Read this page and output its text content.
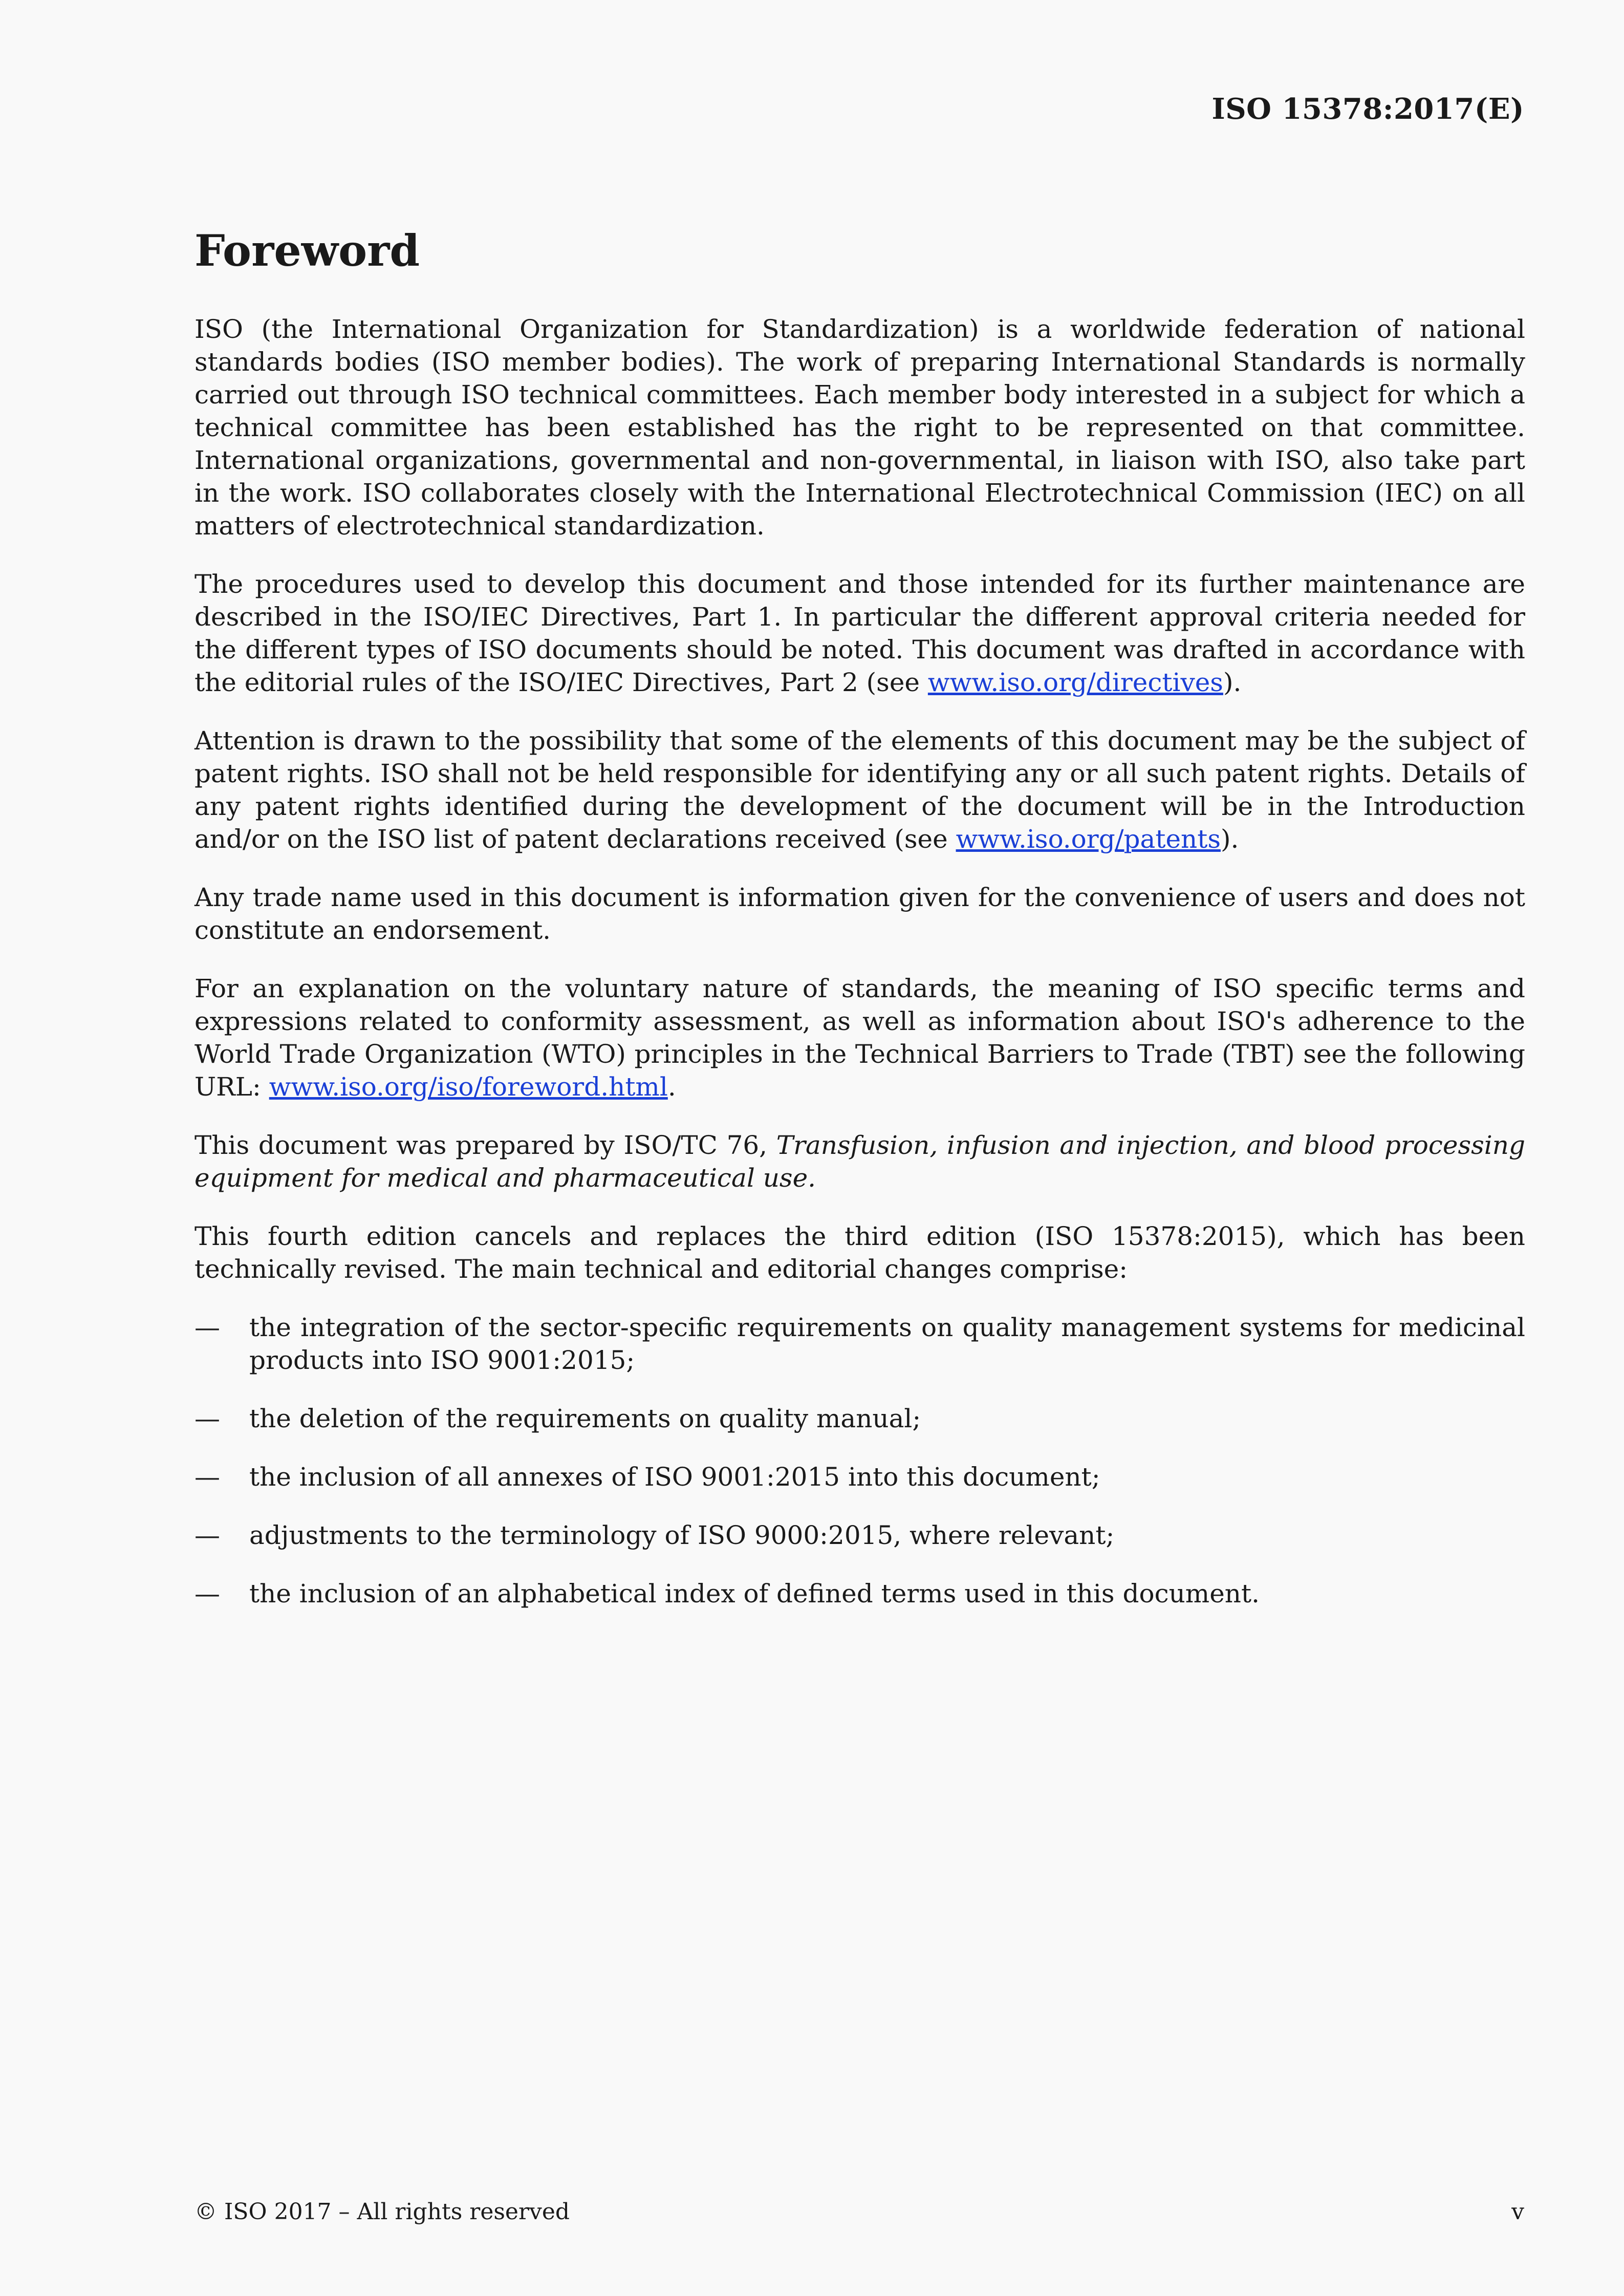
ISO 15378:2017(E)
Foreword

ISO (the International Organization for Standardization) is a worldwide federation of national standards bodies (ISO member bodies). The work of preparing International Standards is normally carried out through ISO technical committees. Each member body interested in a subject for which a technical committee has been established has the right to be represented on that committee. International organizations, governmental and non-governmental, in liaison with ISO, also take part in the work. ISO collaborates closely with the International Electrotechnical Commission (IEC) on all matters of electrotechnical standardization.

The procedures used to develop this document and those intended for its further maintenance are described in the ISO/IEC Directives, Part 1. In particular the different approval criteria needed for the different types of ISO documents should be noted. This document was drafted in accordance with the editorial rules of the ISO/IEC Directives, Part 2 (see www.iso.org/directives).

Attention is drawn to the possibility that some of the elements of this document may be the subject of patent rights. ISO shall not be held responsible for identifying any or all such patent rights. Details of any patent rights identified during the development of the document will be in the Introduction and/or on the ISO list of patent declarations received (see www.iso.org/patents).

Any trade name used in this document is information given for the convenience of users and does not constitute an endorsement.

For an explanation on the voluntary nature of standards, the meaning of ISO specific terms and expressions related to conformity assessment, as well as information about ISO's adherence to the World Trade Organization (WTO) principles in the Technical Barriers to Trade (TBT) see the following URL: www.iso.org/iso/foreword.html.

This document was prepared by ISO/TC 76, Transfusion, infusion and injection, and blood processing equipment for medical and pharmaceutical use.

This fourth edition cancels and replaces the third edition (ISO 15378:2015), which has been technically revised. The main technical and editorial changes comprise:

— the integration of the sector-specific requirements on quality management systems for medicinal products into ISO 9001:2015;
— the deletion of the requirements on quality manual;
— the inclusion of all annexes of ISO 9001:2015 into this document;
— adjustments to the terminology of ISO 9000:2015, where relevant;
— the inclusion of an alphabetical index of defined terms used in this document.
© ISO 2017 – All rights reserved	v
